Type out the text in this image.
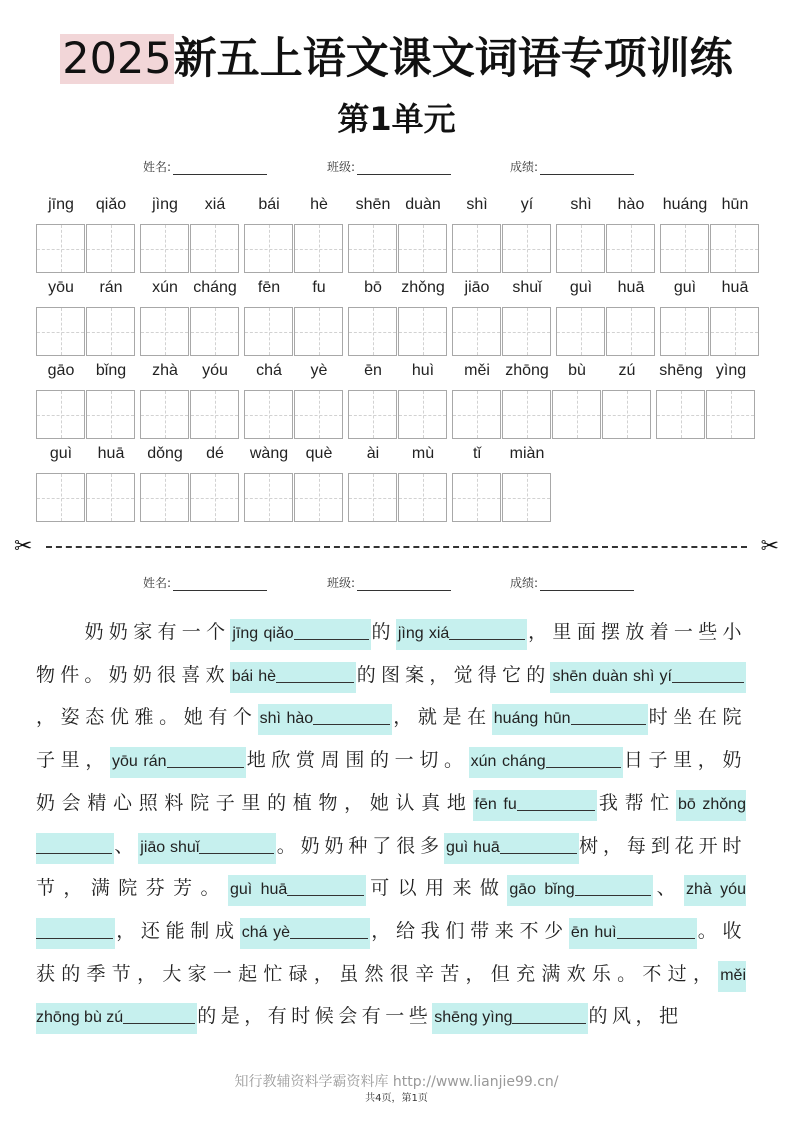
2025新五上语文课文词语专项训练
第1单元
姓名:	班级:	成绩:
jīng	qiǎo	jìng	xiá	bái	hè	shēn duàn	shì	yí	shì	hào	huáng hūn
yōu	rán	xún cháng	fēn	fu	bō	zhǒng	jiāo	shuǐ	guì	huā	guì	huā
gāo	bǐng	zhà	yóu	chá	yè	ēn	huì	měi zhōng	bù	zú	shēng yìng
guì	huā	dǒng	dé	wàng	què	ài	mù	tǐ	miàn
✂	✂
姓名:	班级:	成绩:
　　奶奶家有一个 jīng qiǎo	的 jìng xiá	，里面摆放着一些小物件。奶奶很喜欢 bái hè	的图案，觉得它的 shēn duàn shì yí，姿态优雅。她有个 shì hào	，就是在 huáng hūn	时坐在院子里， yōu rán	地欣赏周围的一切。 xún cháng	日子里，奶奶会精心照料院子里的植物，她认真地 fēn fu	我帮忙 bō zhǒng、 jiāo shuǐ	。奶奶种了很多 guì huā	树，每到花开时节，满院芬芳。 guì huā	可以用来做 gāo bǐng	、 zhà yóu，还能制成 chá yè	，给我们带来不少 ēn huì	。收获的季节，大家一起忙碌，虽然很辛苦，但充满欢乐。不过， měi zhōng bù zú	的是，有时候会有一些 shēng yìng	的风，把
知行教辅资料学霸资料库 http://www.lianjie99.cn/
共4页，第1页
